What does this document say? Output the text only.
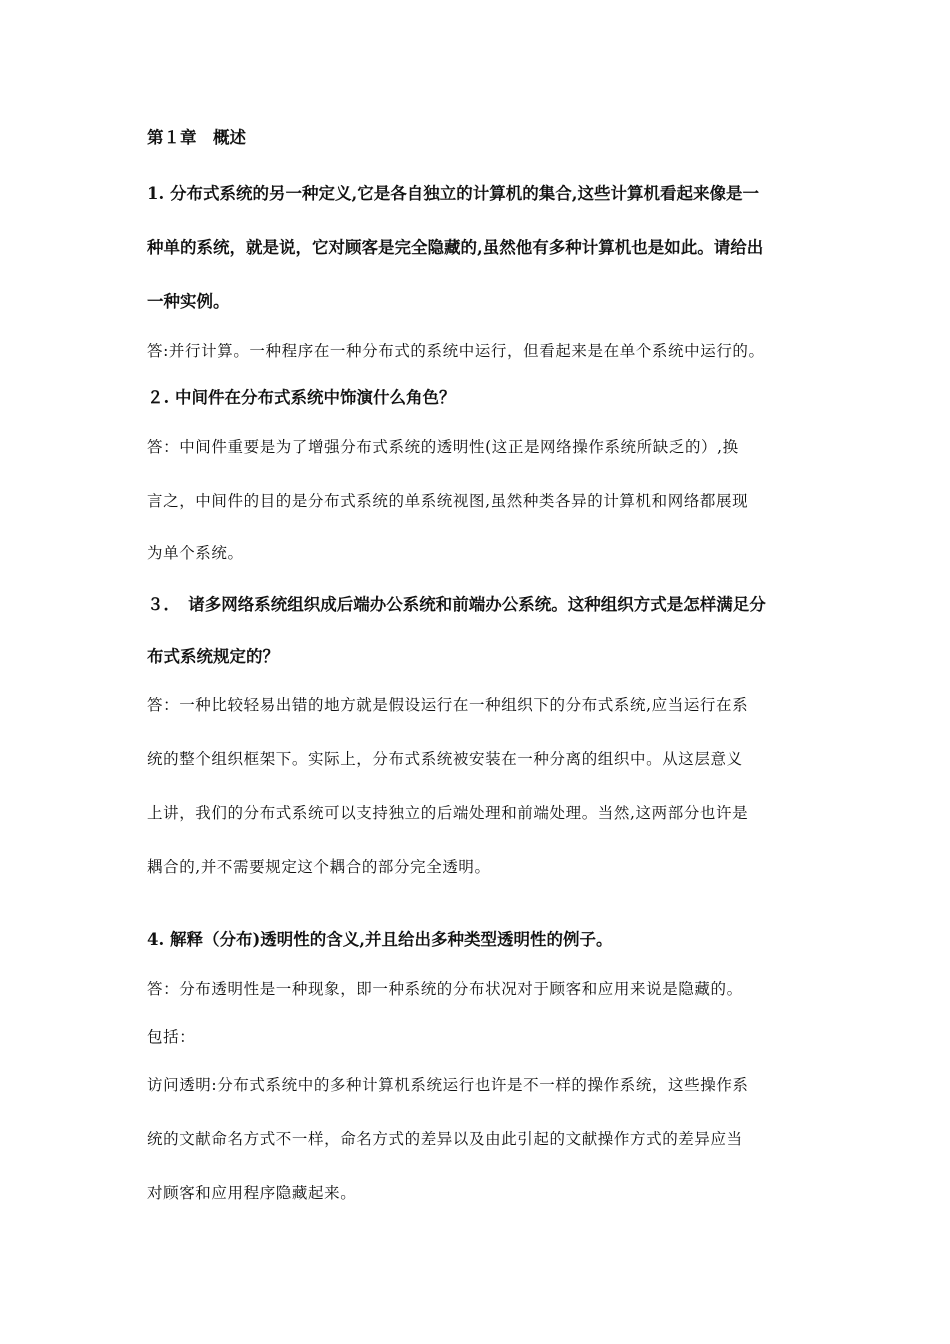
第１章　概述
1. 分布式系统的另一种定义,它是各自独立的计算机的集合,这些计算机看起来像是一
种单的系统，就是说，它对顾客是完全隐藏的,虽然他有多种计算机也是如此。请给出
一种实例。
答:并行计算。一种程序在一种分布式的系统中运行，但看起来是在单个系统中运行的。
２. 中间件在分布式系统中饰演什么角色？
答：中间件重要是为了增强分布式系统的透明性(这正是网络操作系统所缺乏的）,换
言之，中间件的目的是分布式系统的单系统视图,虽然种类各异的计算机和网络都展现
为单个系统。
３．　诸多网络系统组织成后端办公系统和前端办公系统。这种组织方式是怎样满足分
布式系统规定的？
答：一种比较轻易出错的地方就是假设运行在一种组织下的分布式系统,应当运行在系
统的整个组织框架下。实际上，分布式系统被安装在一种分离的组织中。从这层意义
上讲，我们的分布式系统可以支持独立的后端处理和前端处理。当然,这两部分也许是
耦合的,并不需要规定这个耦合的部分完全透明。
4. 解释（分布)透明性的含义,并且给出多种类型透明性的例子。
答：分布透明性是一种现象，即一种系统的分布状况对于顾客和应用来说是隐藏的。
包括：
访问透明:分布式系统中的多种计算机系统运行也许是不一样的操作系统，这些操作系
统的文献命名方式不一样，命名方式的差异以及由此引起的文献操作方式的差异应当
对顾客和应用程序隐藏起来。
